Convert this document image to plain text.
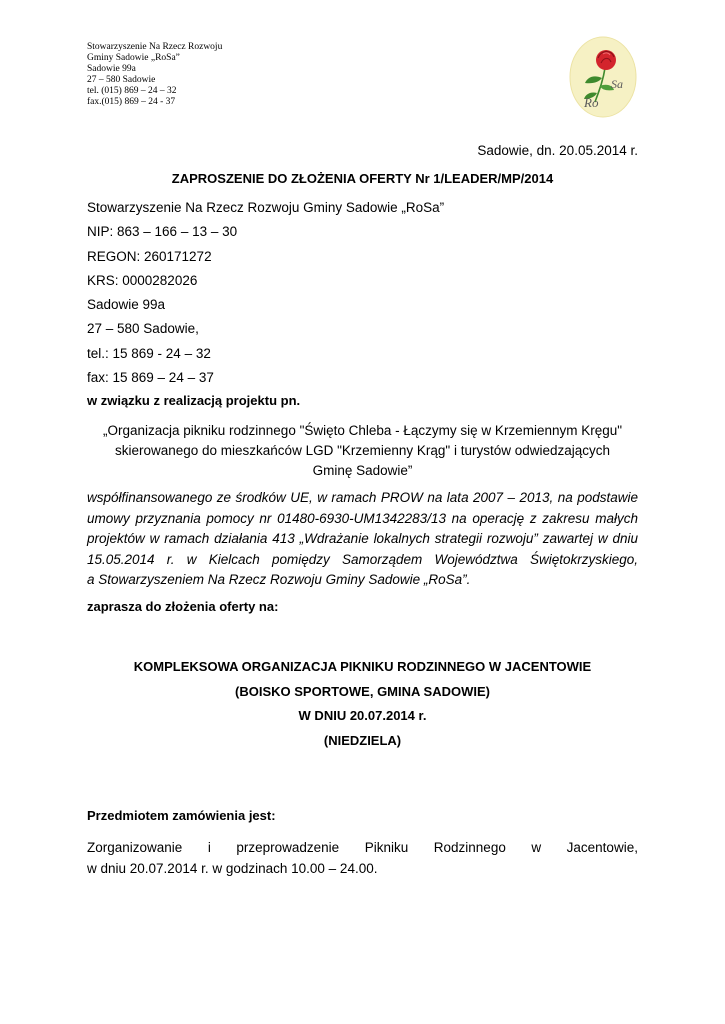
Stowarzyszenie Na Rzecz Rozwoju
Gminy Sadowie „RoSa”
Sadowie 99a
27 – 580 Sadowie
tel. (015) 869 – 24 – 32
fax.(015) 869 – 24 - 37
Sa
Ro
Sadowie, dn. 20.05.2014 r.
ZAPROSZENIE DO ZŁOŻENIA OFERTY Nr 1/LEADER/MP/2014
Stowarzyszenie Na Rzecz Rozwoju Gminy Sadowie „RoSa”
NIP: 863 – 166 – 13 – 30
REGON: 260171272
KRS: 0000282026
Sadowie 99a
27 – 580 Sadowie,
tel.: 15 869 - 24 – 32
fax: 15 869 – 24 – 37
w związku z realizacją projektu pn.
„Organizacja pikniku rodzinnego "Święto Chleba - Łączymy się w Krzemiennym Kręgu"
skierowanego do mieszkańców LGD "Krzemienny Krąg" i turystów odwiedzających
Gminę Sadowie”
współfinansowanego ze środków UE, w ramach PROW na lata 2007 – 2013, na podstawie
umowy przyznania pomocy nr 01480-6930-UM1342283/13 na operację z zakresu małych
projektów w ramach działania 413 „Wdrażanie lokalnych strategii rozwoju” zawartej w dniu
15.05.2014 r. w Kielcach pomiędzy Samorządem Województwa Świętokrzyskiego,
a Stowarzyszeniem Na Rzecz Rozwoju Gminy Sadowie „RoSa”.
zaprasza do złożenia oferty na:
KOMPLEKSOWA ORGANIZACJA PIKNIKU RODZINNEGO W JACENTOWIE
(BOISKO SPORTOWE, GMINA SADOWIE)
W DNIU 20.07.2014 r.
(NIEDZIELA)
Przedmiotem zamówienia jest:
Zorganizowanie i przeprowadzenie Pikniku Rodzinnego w Jacentowie,
w dniu 20.07.2014 r. w godzinach 10.00 – 24.00.
